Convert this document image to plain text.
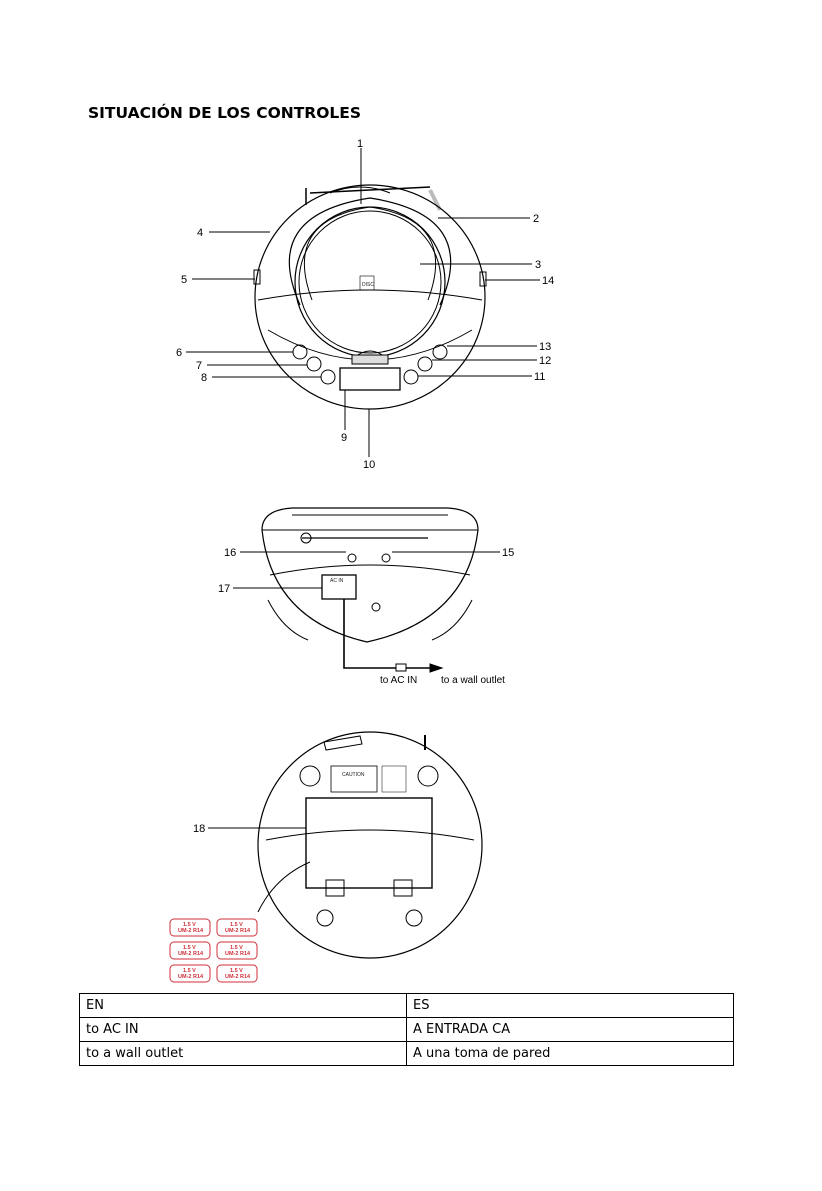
SITUACIÓN DE LOS CONTROLES
DISC
AC IN
CAUTION
1.5 V
UM-2 R14
1.5 V
UM-2 R14
1.5 V
UM-2 R14
1.5 V
UM-2 R14
1.5 V
UM-2 R14
1.5 V
UM-2 R14
1
2
3
4
5
6
7
8
9
10
11
12
13
14
15
16
17
18
to AC IN to a wall outlet
EN	ES
to AC IN	A ENTRADA CA
to a wall outlet	A una toma de pared
